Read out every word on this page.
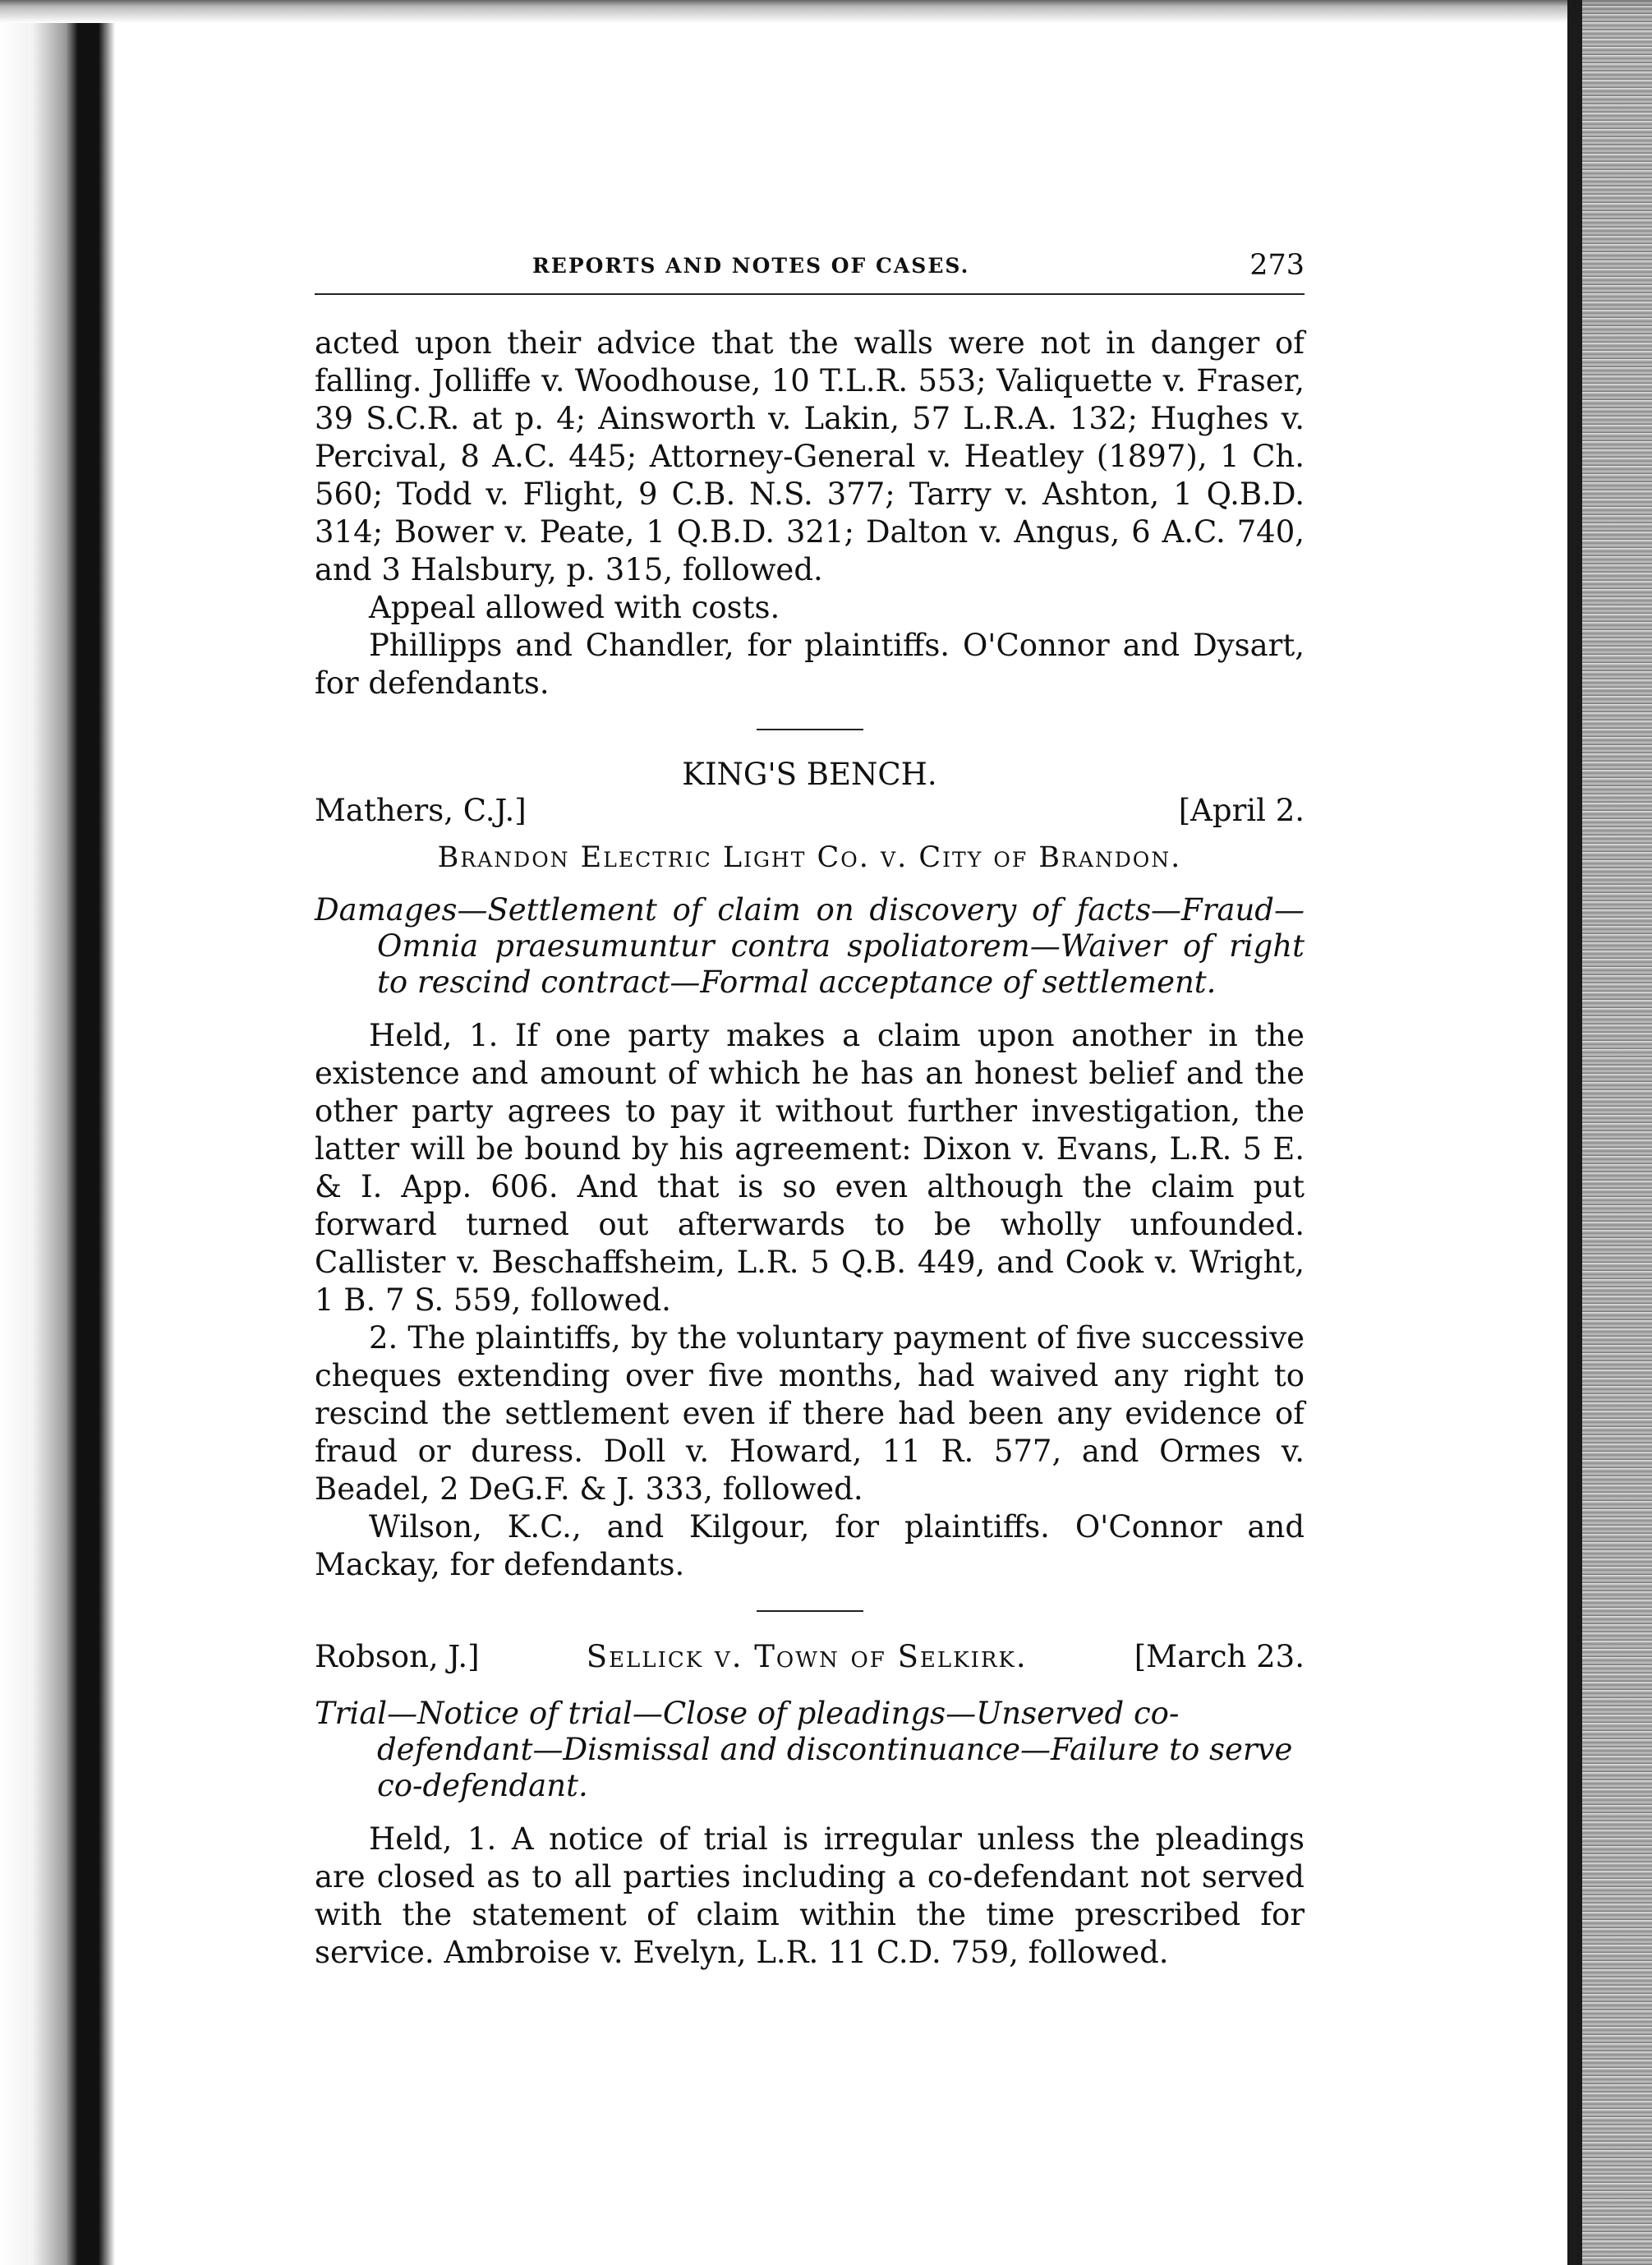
REPORTS AND NOTES OF CASES.	273

acted upon their advice that the walls were not in danger of falling. Jolliffe v. Woodhouse, 10 T.L.R. 553; Valiquette v. Fraser, 39 S.C.R. at p. 4; Ainsworth v. Lakin, 57 L.R.A. 132; Hughes v. Percival, 8 A.C. 445; Attorney-General v. Heatley (1897), 1 Ch. 560; Todd v. Flight, 9 C.B. N.S. 377; Tarry v. Ashton, 1 Q.B.D. 314; Bower v. Peate, 1 Q.B.D. 321; Dalton v. Angus, 6 A.C. 740, and 3 Halsbury, p. 315, followed.

Appeal allowed with costs.

Phillipps and Chandler, for plaintiffs. O'Connor and Dysart, for defendants.

KING'S BENCH.
Mathers, C.J.]	[April 2.
Brandon Electric Light Co. v. City of Brandon.
Damages—Settlement of claim on discovery of facts—Fraud—Omnia praesumuntur contra spoliatorem—Waiver of right to rescind contract—Formal acceptance of settlement.

Held, 1. If one party makes a claim upon another in the existence and amount of which he has an honest belief and the other party agrees to pay it without further investigation, the latter will be bound by his agreement: Dixon v. Evans, L.R. 5 E. & I. App. 606. And that is so even although the claim put forward turned out afterwards to be wholly unfounded. Callister v. Beschaffsheim, L.R. 5 Q.B. 449, and Cook v. Wright, 1 B. 7 S. 559, followed.

2. The plaintiffs, by the voluntary payment of five successive cheques extending over five months, had waived any right to rescind the settlement even if there had been any evidence of fraud or duress. Doll v. Howard, 11 R. 577, and Ormes v. Beadel, 2 DeG.F. & J. 333, followed.

Wilson, K.C., and Kilgour, for plaintiffs. O'Connor and Mackay, for defendants.

Robson, J.]	Sellick v. Town of Selkirk.	[March 23.
Trial—Notice of trial—Close of pleadings—Unserved co-defendant—Dismissal and discontinuance—Failure to serve co-defendant.

Held, 1. A notice of trial is irregular unless the pleadings are closed as to all parties including a co-defendant not served with the statement of claim within the time prescribed for service. Ambroise v. Evelyn, L.R. 11 C.D. 759, followed.
